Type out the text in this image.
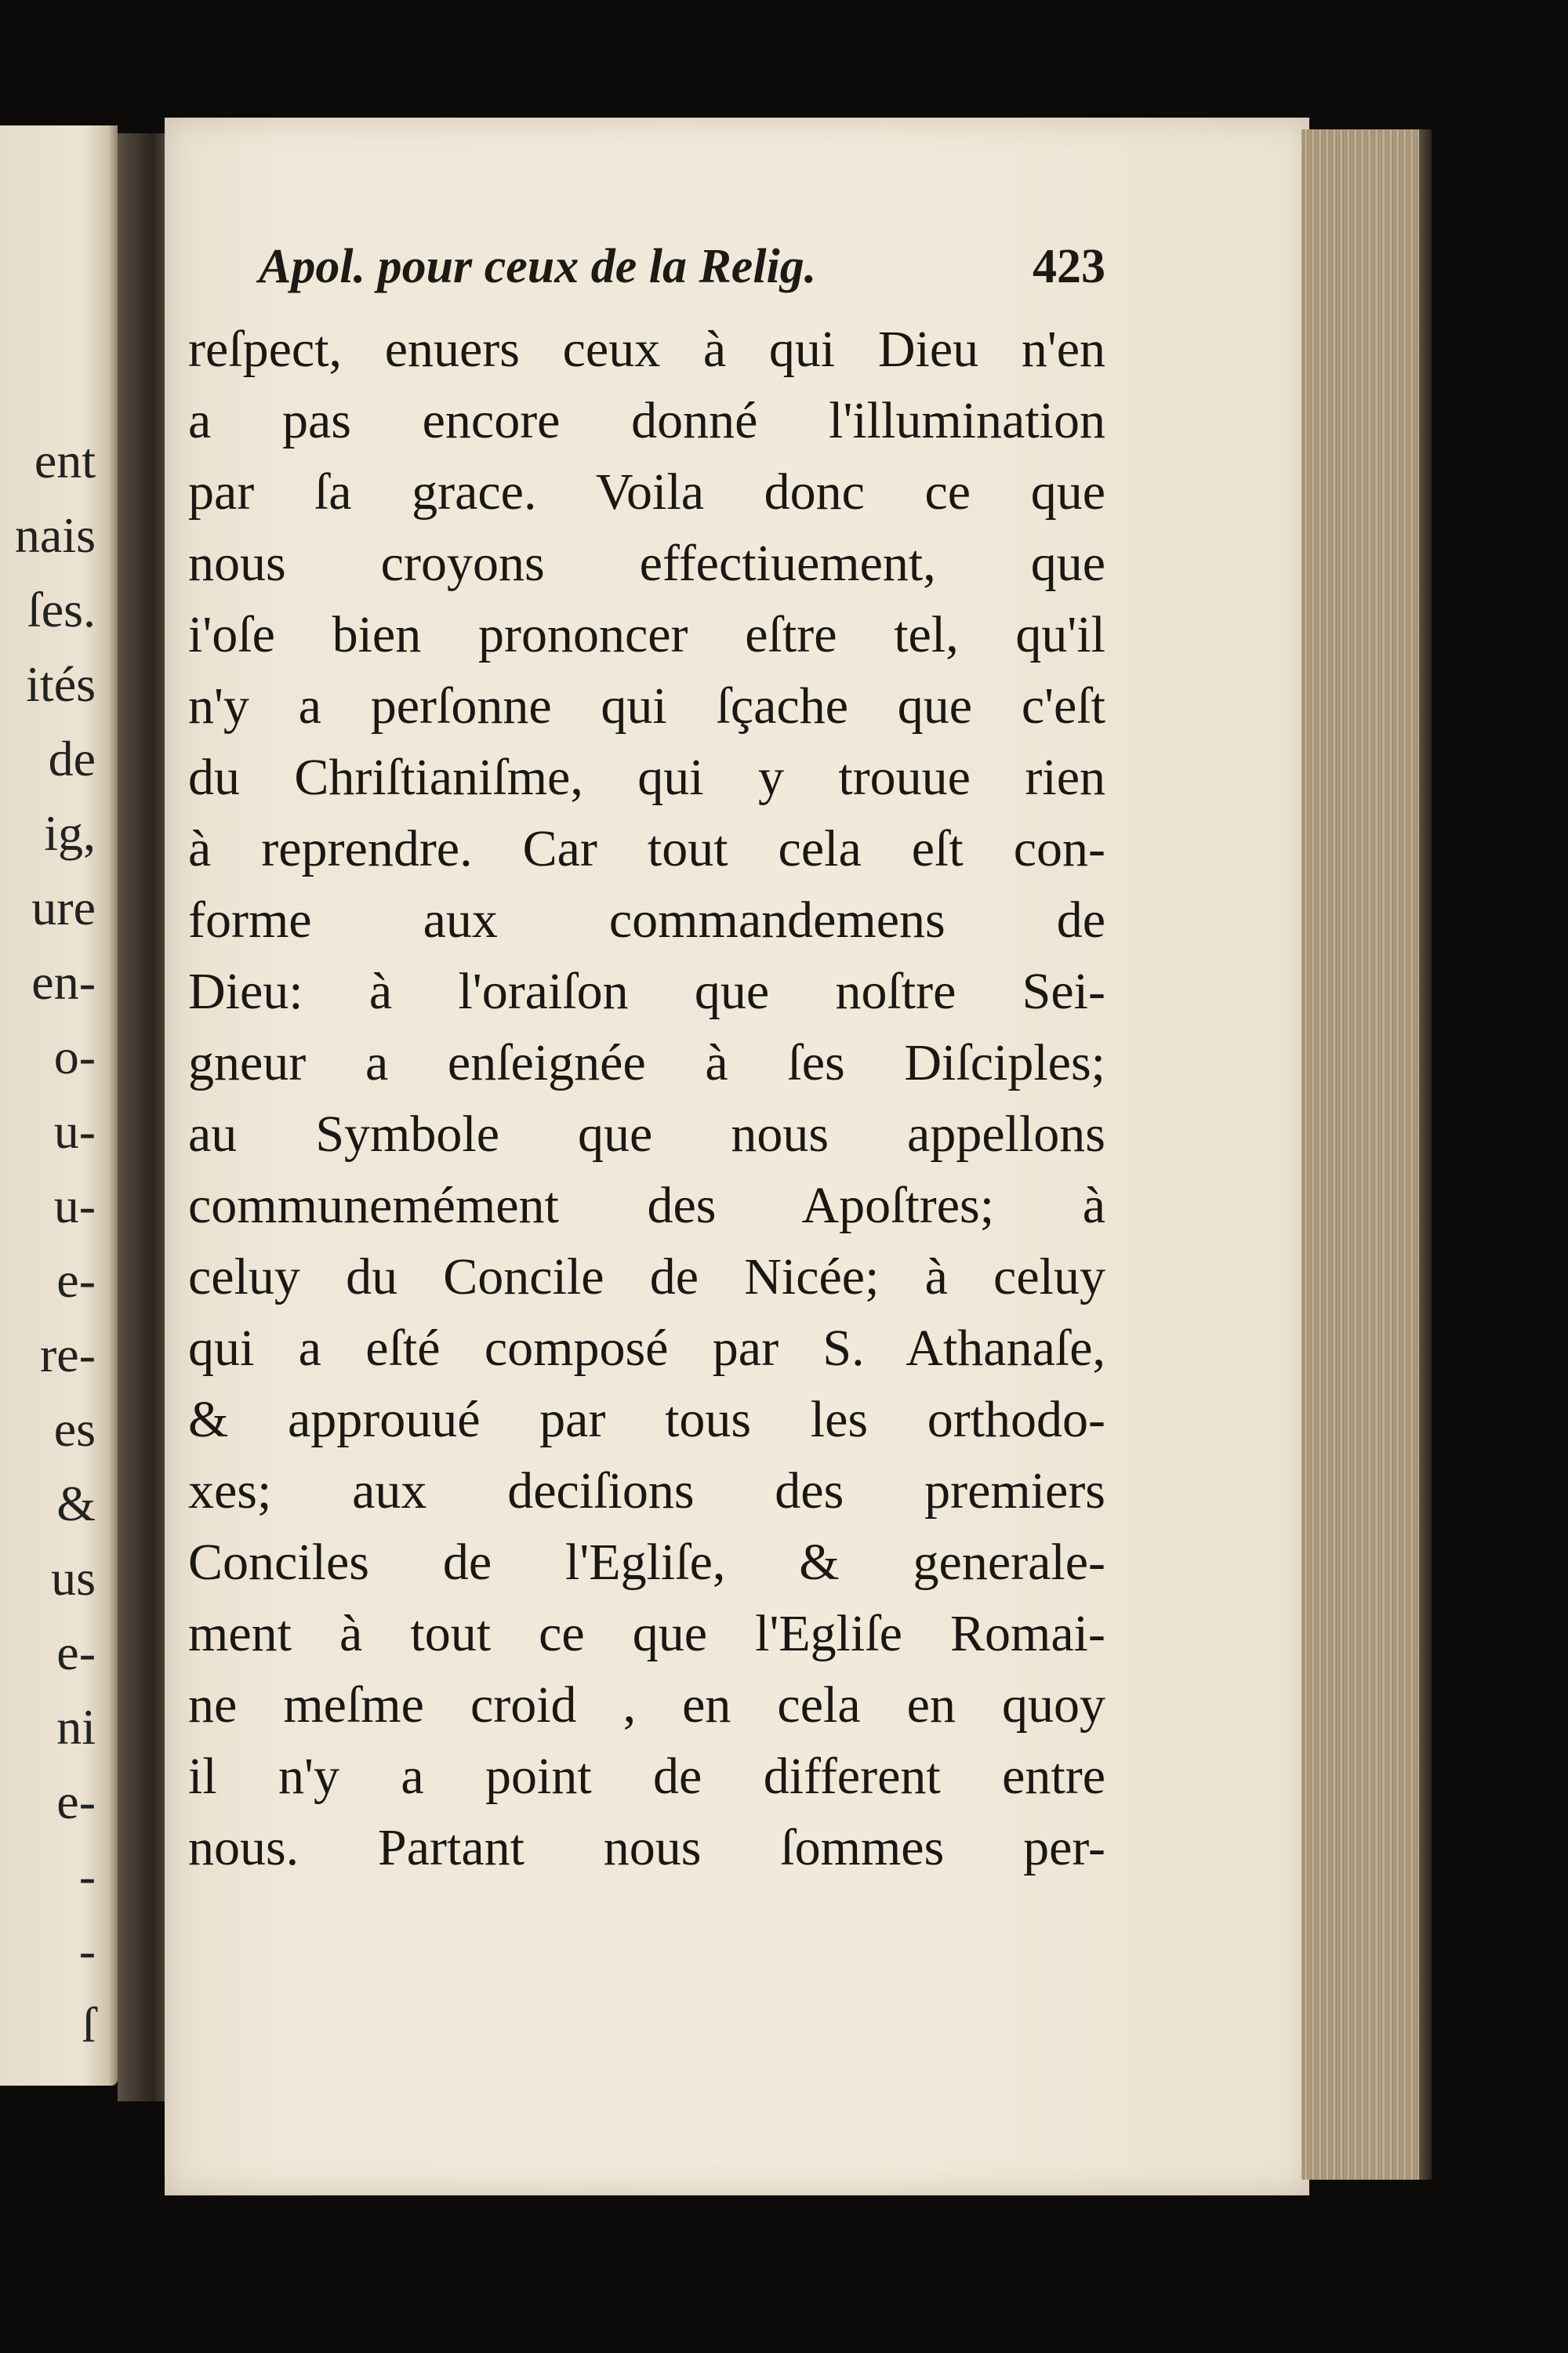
ent
nais
ſes.
ités
de
ig,
ure
en-
o-
u-
u-
e-
re-
es
&
us
e-
ni
e-
-
-
ſ
Apol. pour ceux de la Relig.	423
reſpect, enuers ceux à qui Dieu n'en
a pas encore donné l'illumination
par ſa grace. Voila donc ce que
nous croyons effectiuement, que
i'oſe bien prononcer eſtre tel, qu'il
n'y a perſonne qui ſçache que c'eſt
du Chriſtianiſme, qui y trouue rien
à reprendre. Car tout cela eſt con-
forme aux commandemens de
Dieu: à l'oraiſon que noſtre Sei-
gneur a enſeignée à ſes Diſciples;
au Symbole que nous appellons
communemément des Apoſtres; à
celuy du Concile de Nicée; à celuy
qui a eſté composé par S. Athanaſe,
& approuué par tous les orthodo-
xes; aux deciſions des premiers
Conciles de l'Egliſe, & generale-
ment à tout ce que l'Egliſe Romai-
ne meſme croid , en cela en quoy
il n'y a point de different entre
nous. Partant nous ſommes per-
